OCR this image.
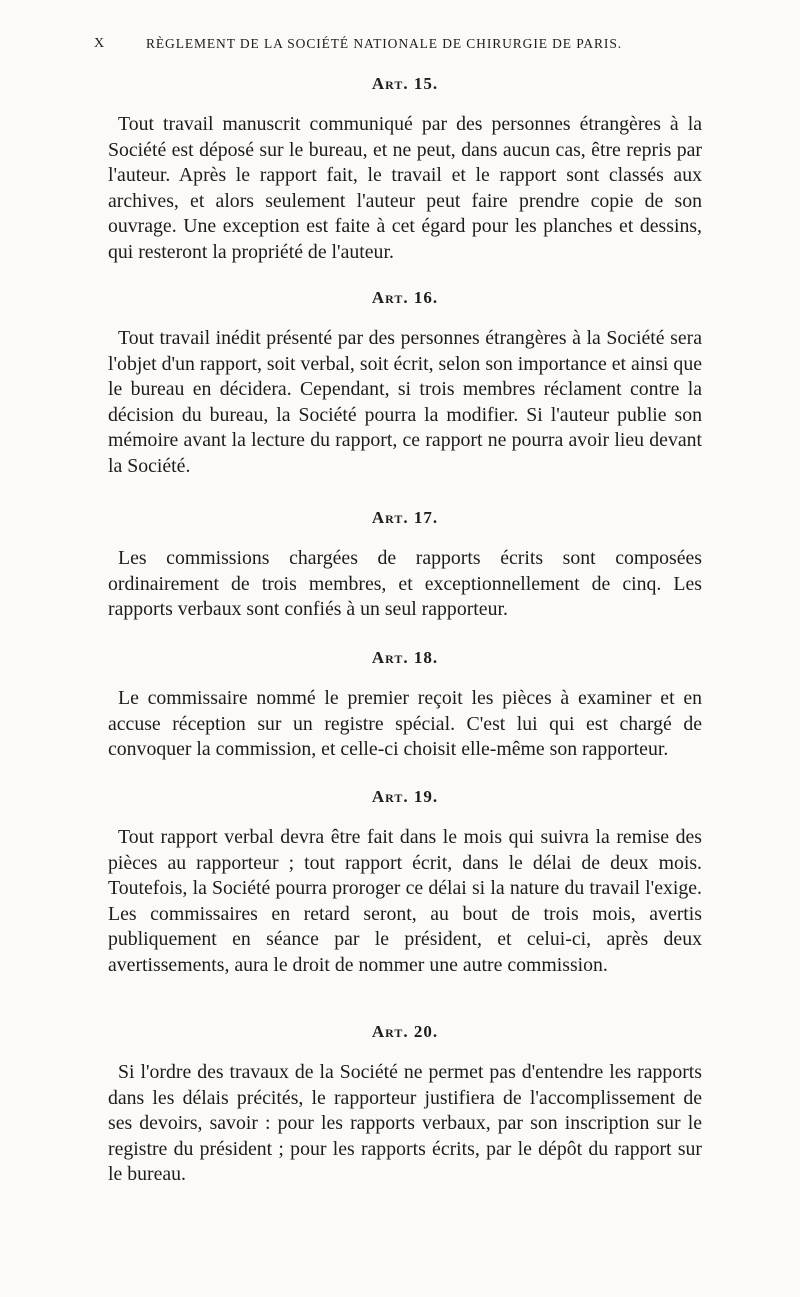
X	RÈGLEMENT DE LA SOCIÉTÉ NATIONALE DE CHIRURGIE DE PARIS.
Art. 15.

Tout travail manuscrit communiqué par des personnes étrangères à la Société est déposé sur le bureau, et ne peut, dans aucun cas, être repris par l'auteur. Après le rapport fait, le travail et le rapport sont classés aux archives, et alors seulement l'auteur peut faire prendre copie de son ouvrage. Une exception est faite à cet égard pour les planches et dessins, qui resteront la propriété de l'auteur.

Art. 16.

Tout travail inédit présenté par des personnes étrangères à la Société sera l'objet d'un rapport, soit verbal, soit écrit, selon son importance et ainsi que le bureau en décidera. Cependant, si trois membres réclament contre la décision du bureau, la Société pourra la modifier. Si l'auteur publie son mémoire avant la lecture du rapport, ce rapport ne pourra avoir lieu devant la Société.

Art. 17.

Les commissions chargées de rapports écrits sont composées ordinairement de trois membres, et exceptionnellement de cinq. Les rapports verbaux sont confiés à un seul rapporteur.

Art. 18.

Le commissaire nommé le premier reçoit les pièces à examiner et en accuse réception sur un registre spécial. C'est lui qui est chargé de convoquer la commission, et celle-ci choisit elle-même son rapporteur.

Art. 19.

Tout rapport verbal devra être fait dans le mois qui suivra la remise des pièces au rapporteur ; tout rapport écrit, dans le délai de deux mois. Toutefois, la Société pourra proroger ce délai si la nature du travail l'exige. Les commissaires en retard seront, au bout de trois mois, avertis publiquement en séance par le président, et celui-ci, après deux avertissements, aura le droit de nommer une autre commission.

Art. 20.

Si l'ordre des travaux de la Société ne permet pas d'entendre les rapports dans les délais précités, le rapporteur justifiera de l'accomplissement de ses devoirs, savoir : pour les rapports verbaux, par son inscription sur le registre du président ; pour les rapports écrits, par le dépôt du rapport sur le bureau.
